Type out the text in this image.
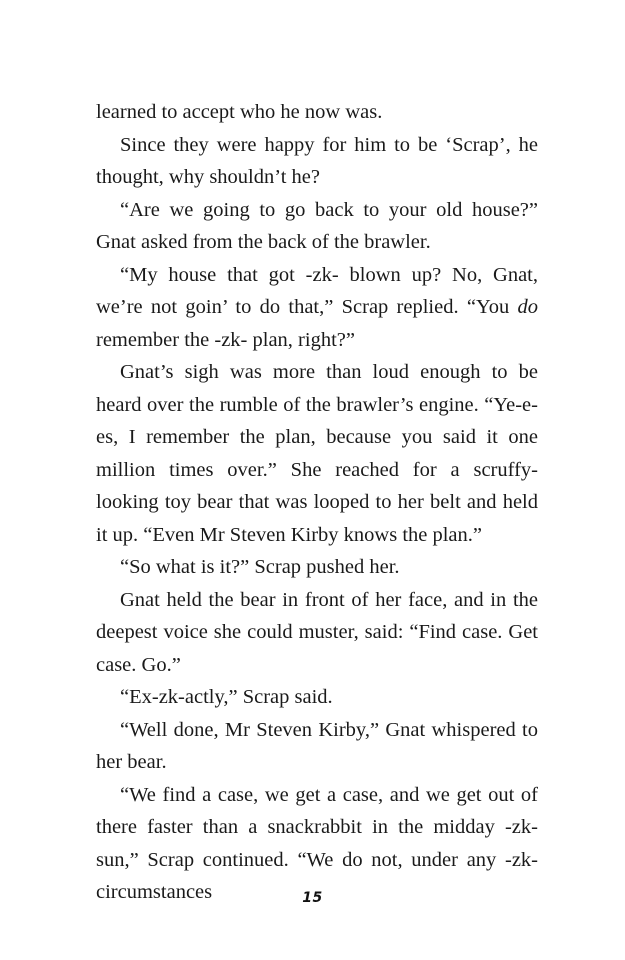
learned to accept who he now was.

Since they were happy for him to be ‘Scrap’, he thought, why shouldn’t he?

“Are we going to go back to your old house?” Gnat asked from the back of the brawler.

“My house that got -zk- blown up? No, Gnat, we’re not goin’ to do that,” Scrap replied. “You do remember the -zk- plan, right?”

Gnat’s sigh was more than loud enough to be heard over the rumble of the brawler’s engine. “Ye-e-es, I remember the plan, because you said it one million times over.” She reached for a scruffy-looking toy bear that was looped to her belt and held it up. “Even Mr Steven Kirby knows the plan.”

“So what is it?” Scrap pushed her.

Gnat held the bear in front of her face, and in the deepest voice she could muster, said: “Find case. Get case. Go.”

“Ex-zk-actly,” Scrap said.

“Well done, Mr Steven Kirby,” Gnat whispered to her bear.

“We find a case, we get a case, and we get out of there faster than a snackrabbit in the midday -zk- sun,” Scrap continued. “We do not, under any -zk- circumstances	15
